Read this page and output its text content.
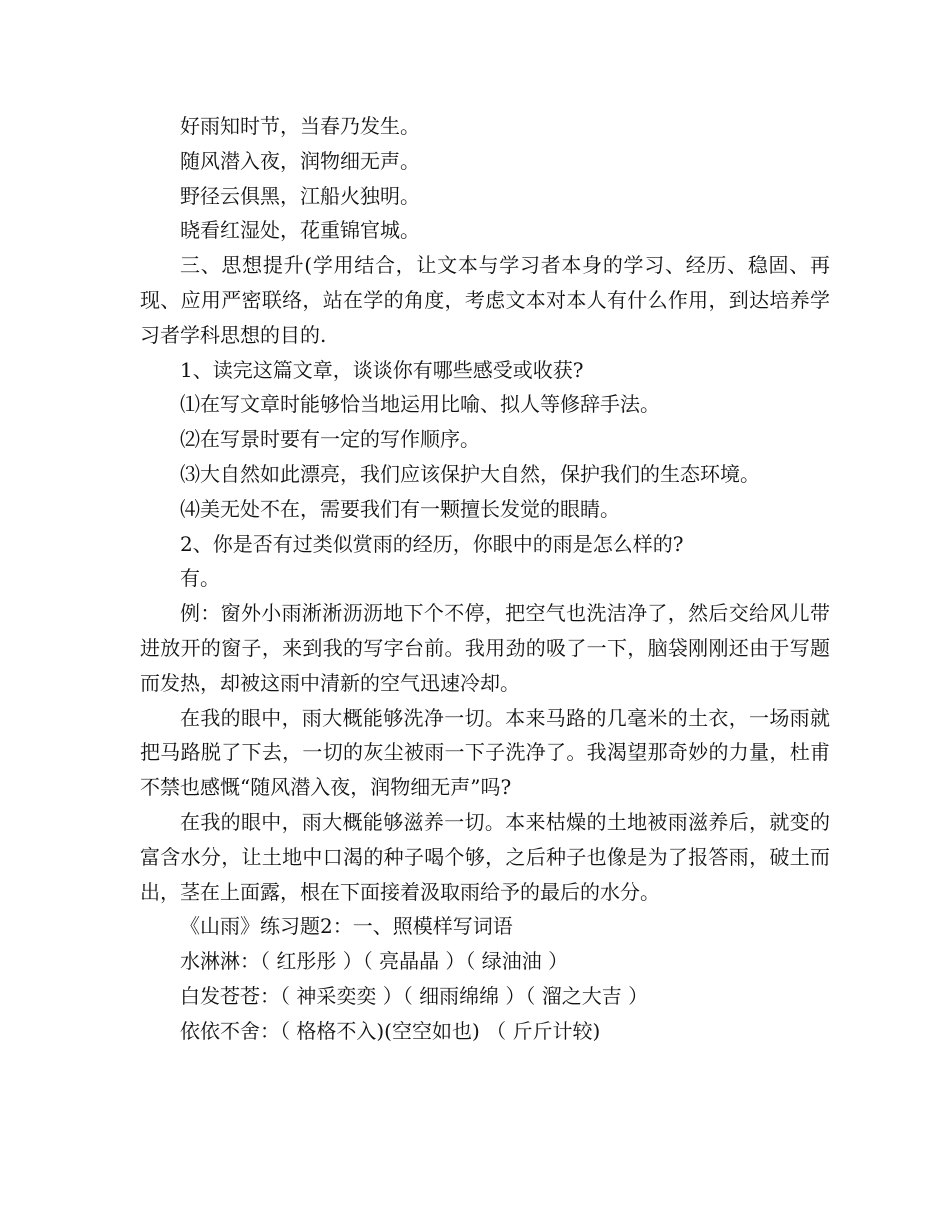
好雨知时节，当春乃发生。

随风潜入夜，润物细无声。

野径云俱黑，江船火独明。

晓看红湿处，花重锦官城。

三、思想提升(学用结合，让文本与学习者本身的学习、经历、稳固、再现、应用严密联络，站在学的角度，考虑文本对本人有什么作用，到达培养学习者学科思想的目的.

1、读完这篇文章，谈谈你有哪些感受或收获?

⑴在写文章时能够恰当地运用比喻、拟人等修辞手法。

⑵在写景时要有一定的写作顺序。

⑶大自然如此漂亮，我们应该保护大自然，保护我们的生态环境。

⑷美无处不在，需要我们有一颗擅长发觉的眼睛。

2、你是否有过类似赏雨的经历，你眼中的雨是怎么样的?

有。

例：窗外小雨淅淅沥沥地下个不停，把空气也洗洁净了，然后交给风儿带进放开的窗子，来到我的写字台前。我用劲的吸了一下，脑袋刚刚还由于写题而发热，却被这雨中清新的空气迅速冷却。

在我的眼中，雨大概能够洗净一切。本来马路的几毫米的土衣，一场雨就把马路脱了下去，一切的灰尘被雨一下子洗净了。我渴望那奇妙的力量，杜甫不禁也感慨“随风潜入夜，润物细无声”吗?

在我的眼中，雨大概能够滋养一切。本来枯燥的土地被雨滋养后，就变的富含水分，让土地中口渴的种子喝个够，之后种子也像是为了报答雨，破土而出，茎在上面露，根在下面接着汲取雨给予的最后的水分。

《山雨》练习题2：一、照模样写词语

水淋淋：（ 红彤彤 ）（ 亮晶晶 ）（ 绿油油 ）

白发苍苍：（ 神采奕奕 ）（ 细雨绵绵 ）（ 溜之大吉 ）

依依不舍：（ 格格不入)(空空如也) （ 斤斤计较)
